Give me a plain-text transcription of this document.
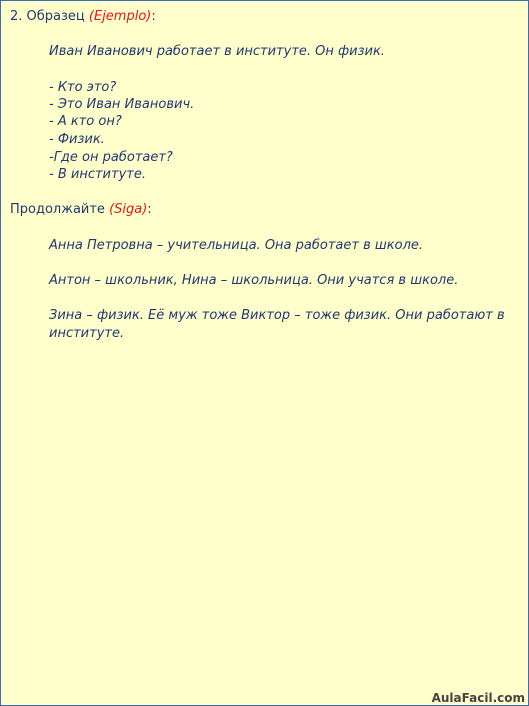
2. Образец (Ejemplo):
Иван Иванович работает в институте. Он физик.
- Кто это?
- Это Иван Иванович.
- А кто он?
- Физик.
-Где он работает?
- В институте.
Продолжайте (Siga):
Анна Петровна – учительница. Она работает в школе.
Антон – школьник, Нина – школьница. Они учатся в школе.
Зина – физик. Её муж тоже Виктор – тоже физик. Они работают в институте.
AulaFacil.com
